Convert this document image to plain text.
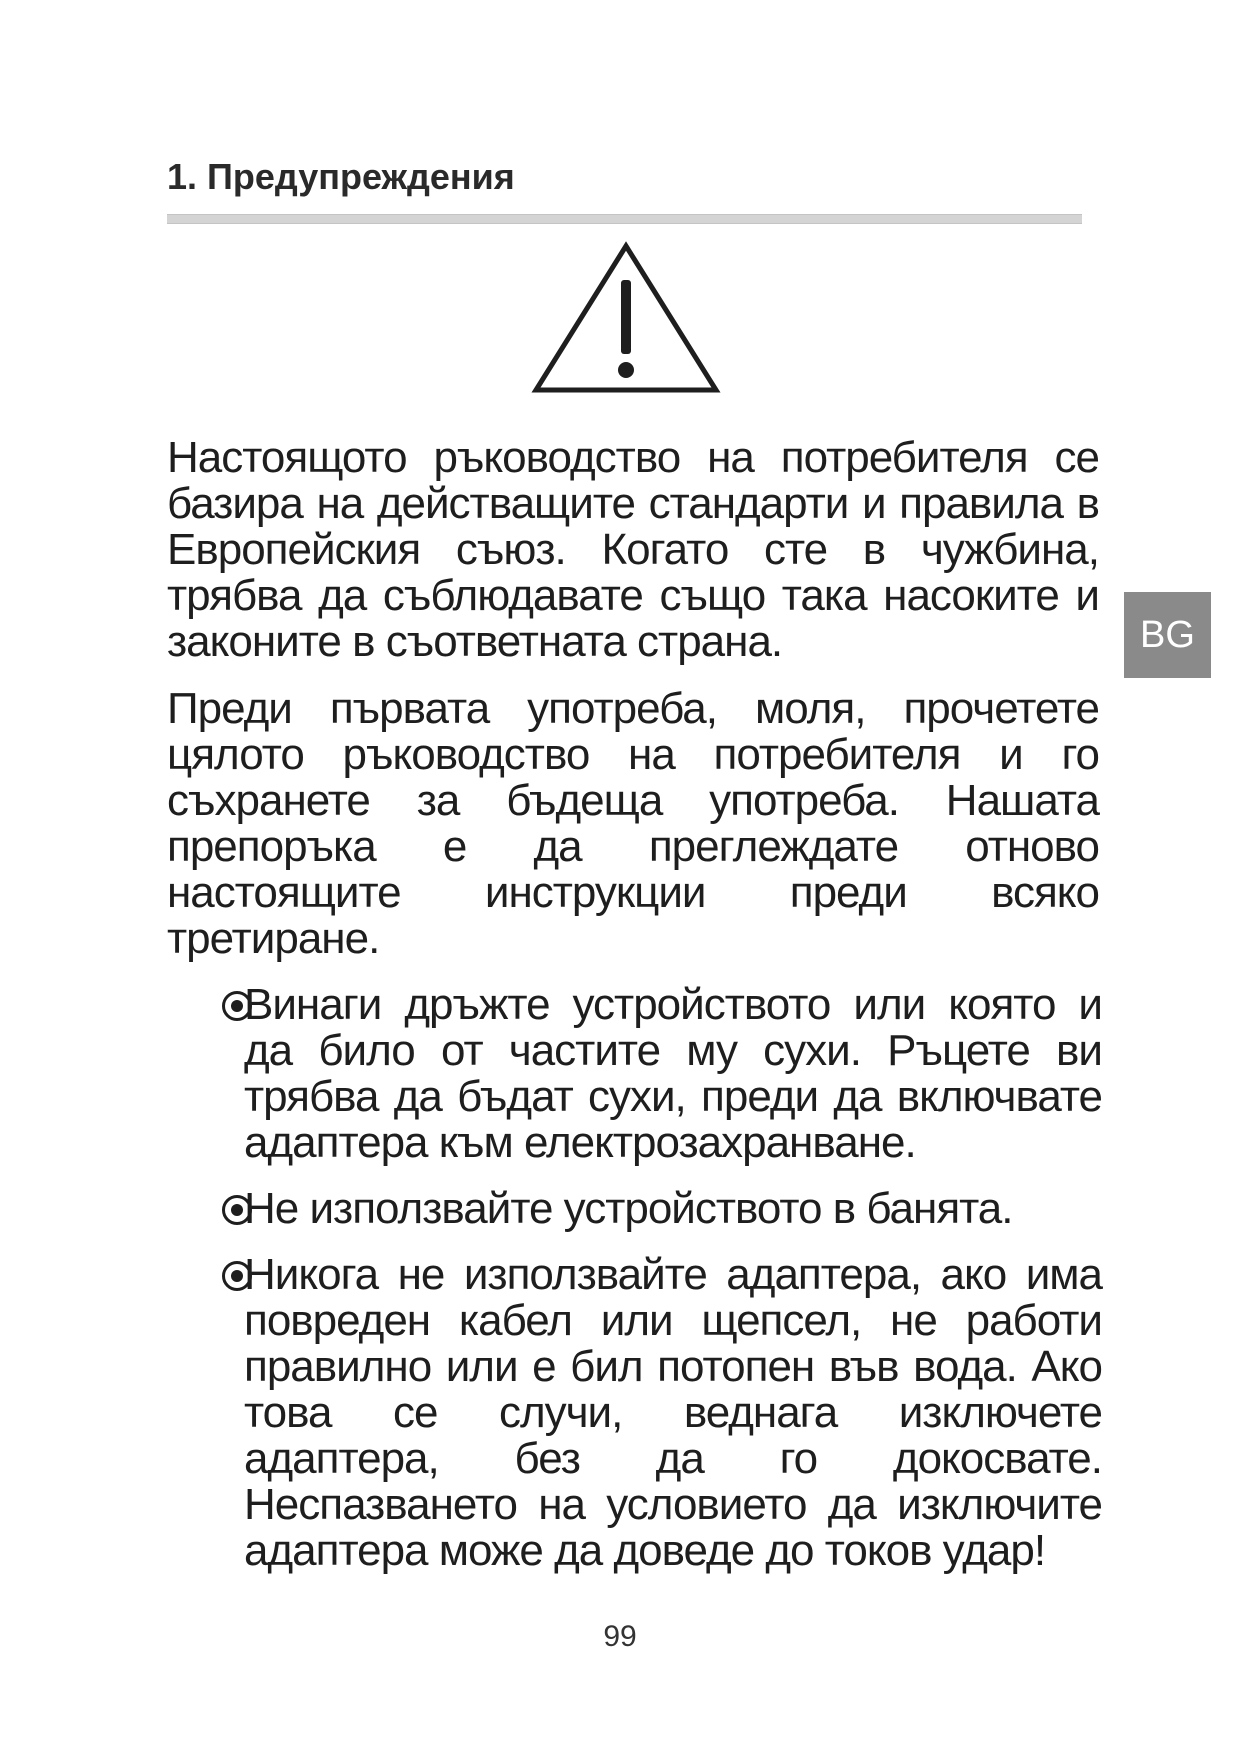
1. Предупреждения

Настоящото ръководство на потребителя се базира на действащите стандарти и правила в Европейския съюз. Когато сте в чужбина, трябва да съблюдавате също така насоките и законите в съответната страна.

Преди първата употреба, моля, прочетете цялото ръководство на потребителя и го съхранете за бъдеща употреба. Нашата препоръка е да преглеждате отново настоящите инструкции преди всяко третиране.

Винаги дръжте устройството или която и да било от частите му сухи. Ръцете ви трябва да бъдат сухи, преди да включвате адаптера към електрозахранване.
Не използвайте устройството в банята.
Никога не използвайте адаптера, ако има повреден кабел или щепсел, не работи правилно или е бил потопен във вода. Ако това се случи, веднага изключете адаптера, без да го докосвате. Неспазването на условието да изключите адаптера може да доведе до токов удар!
BG
99
